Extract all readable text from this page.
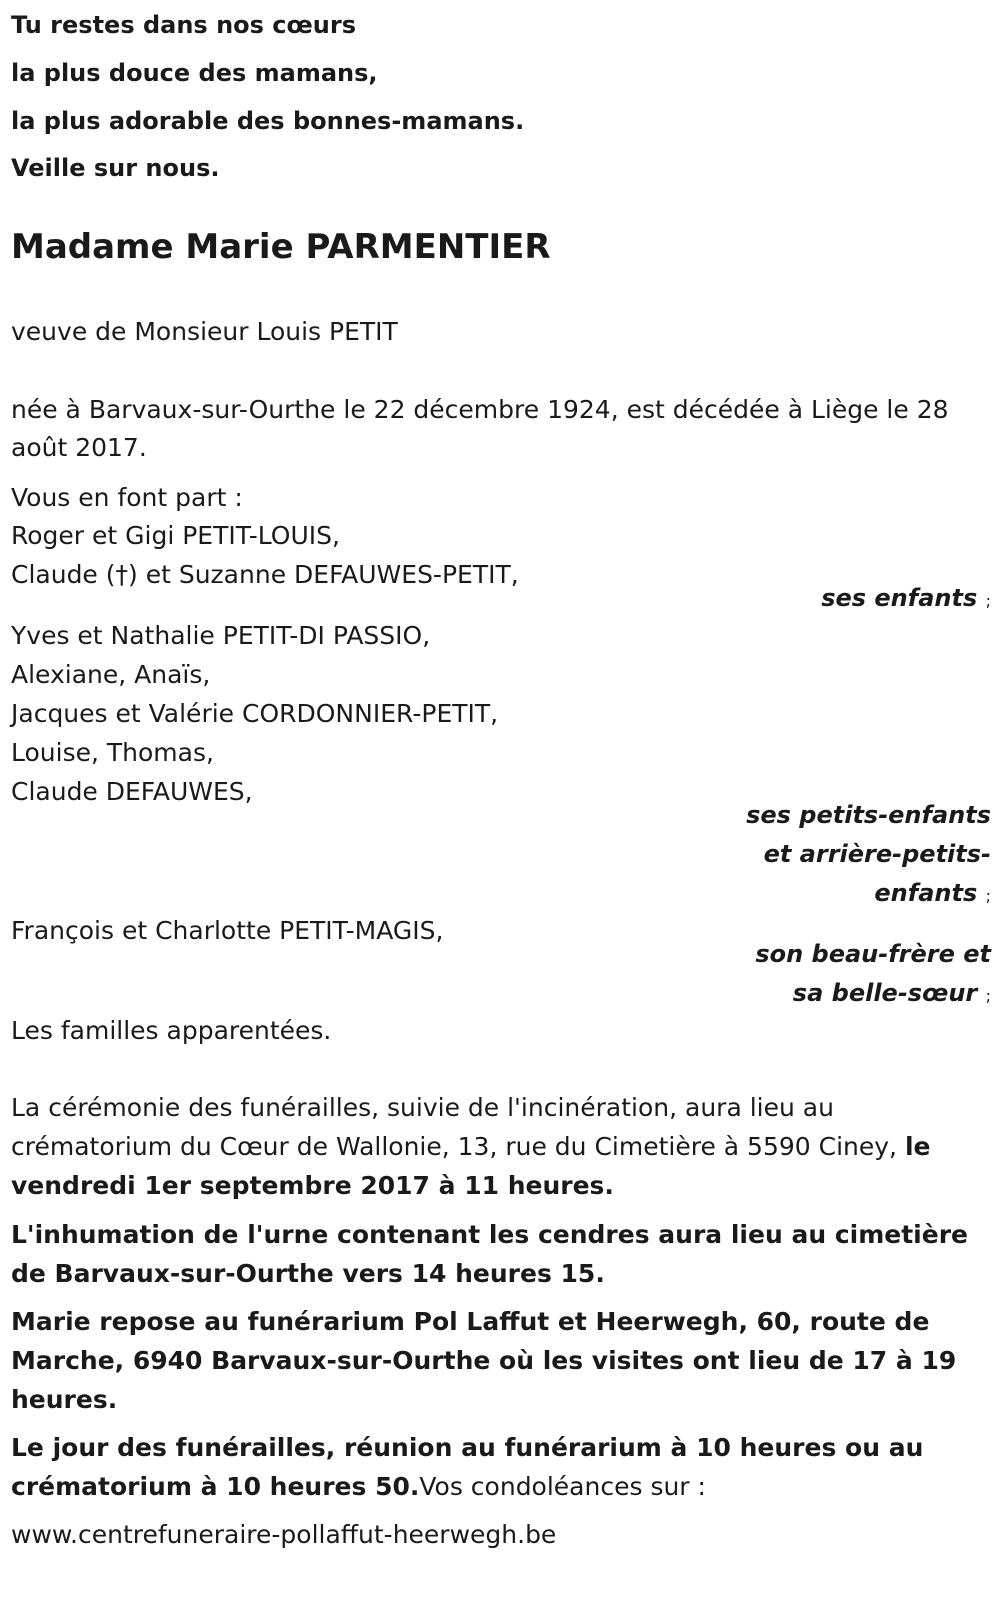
Tu restes dans nos cœurs
la plus douce des mamans,
la plus adorable des bonnes-mamans.
Veille sur nous.
Madame Marie PARMENTIER
veuve de Monsieur Louis PETIT
née à Barvaux-sur-Ourthe le 22 décembre 1924, est décédée à Liège le 28
août 2017.
Vous en font part :
Roger et Gigi PETIT-LOUIS,
Claude (†) et Suzanne DEFAUWES-PETIT,
ses enfants ;
Yves et Nathalie PETIT-DI PASSIO,
Alexiane, Anaïs,
Jacques et Valérie CORDONNIER-PETIT,
Louise, Thomas,
Claude DEFAUWES,
ses petits-enfants
et arrière-petits-
enfants ;
François et Charlotte PETIT-MAGIS,
son beau-frère et
sa belle-sœur ;
Les familles apparentées.
La cérémonie des funérailles, suivie de l'incinération, aura lieu au
crématorium du Cœur de Wallonie, 13, rue du Cimetière à 5590 Ciney, le
vendredi 1er septembre 2017 à 11 heures.
L'inhumation de l'urne contenant les cendres aura lieu au cimetière
de Barvaux-sur-Ourthe vers 14 heures 15.
Marie repose au funérarium Pol Laffut et Heerwegh, 60, route de
Marche, 6940 Barvaux-sur-Ourthe où les visites ont lieu de 17 à 19
heures.
Le jour des funérailles, réunion au funérarium à 10 heures ou au
crématorium à 10 heures 50.Vos condoléances sur :
www.centrefuneraire-pollaffut-heerwegh.be
